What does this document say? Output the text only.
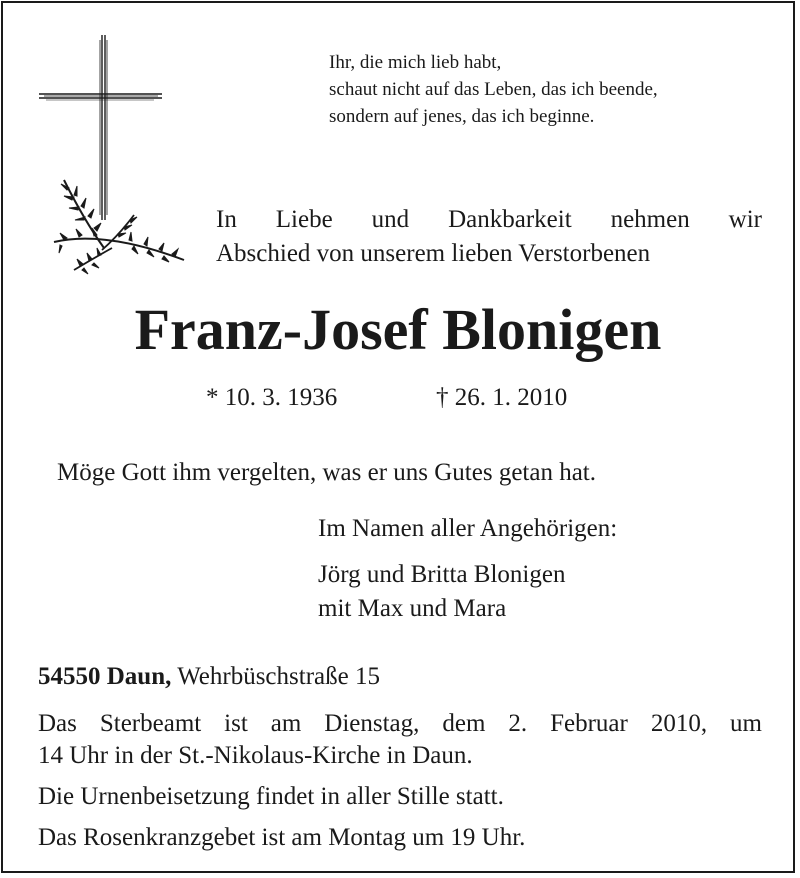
Ihr, die mich lieb habt,
schaut nicht auf das Leben, das ich beende,
sondern auf jenes, das ich beginne.
In Liebe und Dankbarkeit nehmen wir
Abschied von unserem lieben Verstorbenen
Franz-Josef Blonigen
* 10. 3. 1936	† 26. 1. 2010
Möge Gott ihm vergelten, was er uns Gutes getan hat.
Im Namen aller Angehörigen:
Jörg und Britta Blonigen
mit Max und Mara
54550 Daun, Wehrbüschstraße 15
Das Sterbeamt ist am Dienstag, dem 2. Februar 2010, um
14 Uhr in der St.-Nikolaus-Kirche in Daun.
Die Urnenbeisetzung findet in aller Stille statt.
Das Rosenkranzgebet ist am Montag um 19 Uhr.
